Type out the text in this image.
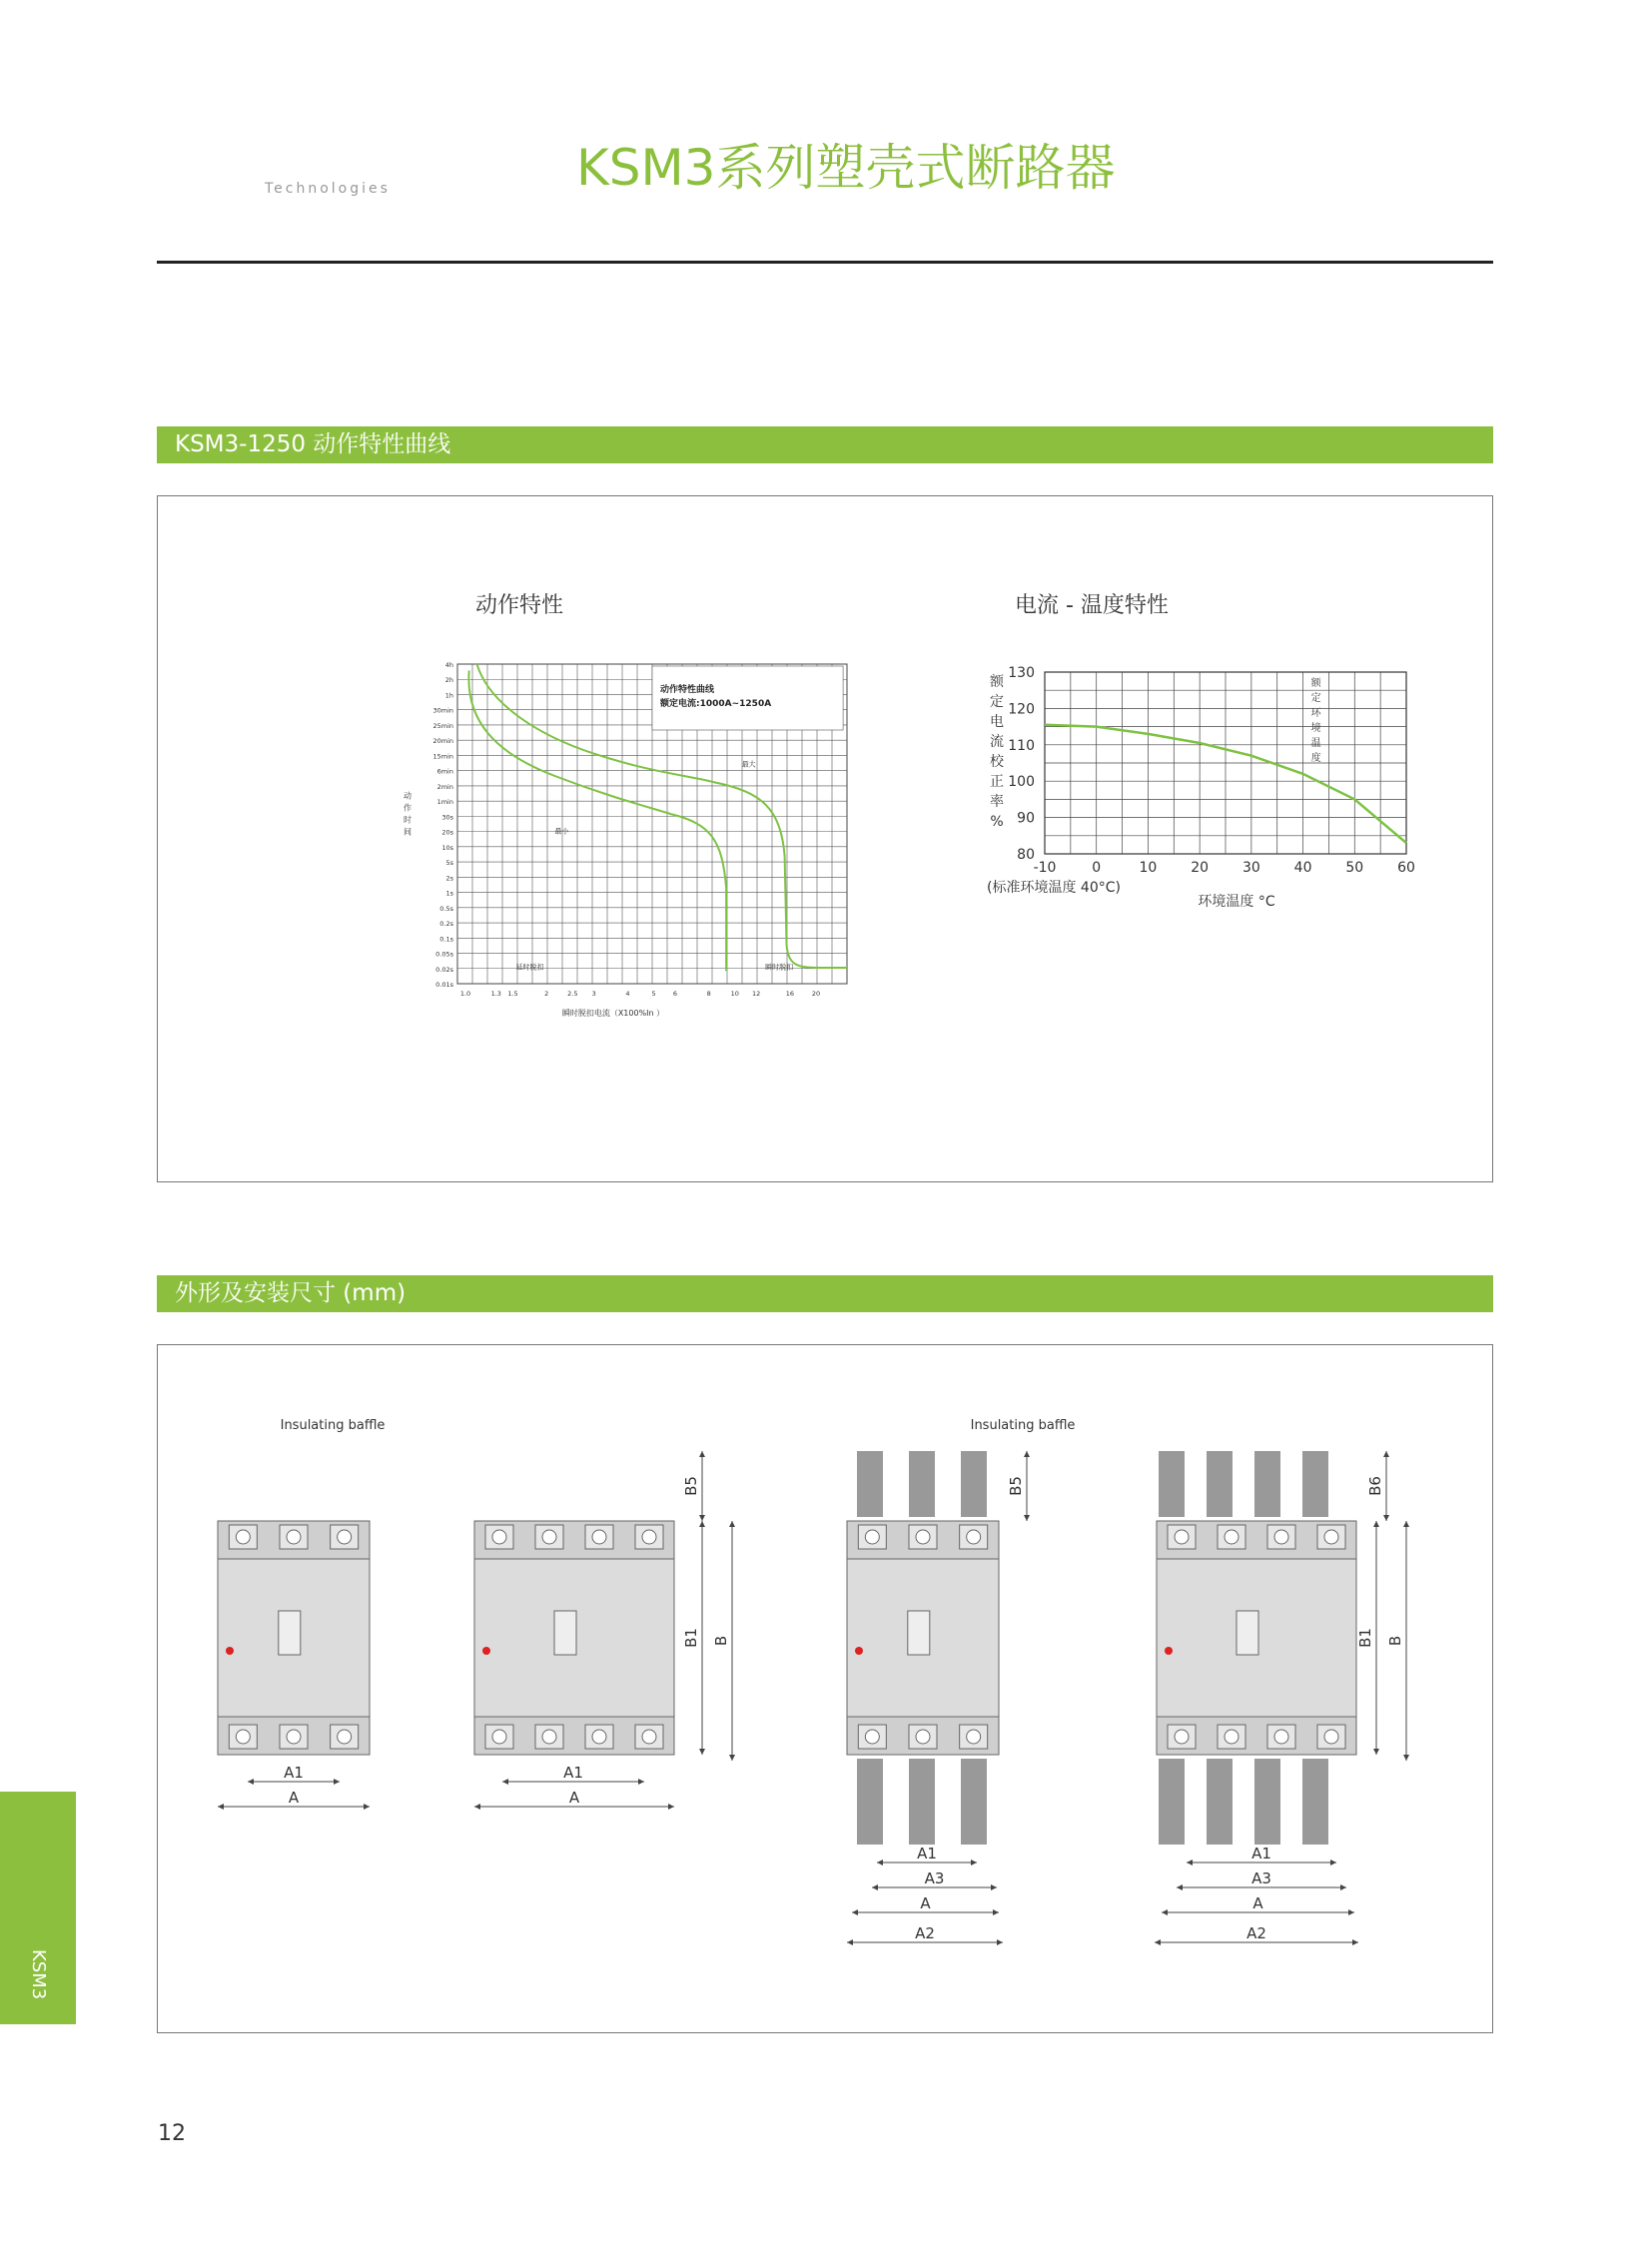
Technologies	KSM3系列塑壳式断路器
KSM3-1250 动作特性曲线
动作特性	电流 - 温度特性
4h
2h
1h
30min
25min
20min
15min
6min
2min
1min
30s
20s
10s
5s
2s
1s
0.5s
0.2s
0.1s
0.05s
0.02s
0.01s
1.0	1.3 1.5	2	2.5 3	4	5	6	8	10 12	16	20
动作特性曲线
额定电流:1000A~1250A
动
作
时
间
瞬时脱扣电流（X100%In ）
最大
最小
延时脱扣	瞬时脱扣
80
90
100
110
120
130
-10	0	10 20 30 40 50 60
额
定
电
流
校
正
率
%
额
定
环
境
温
度
(标准环境温度 40°C)
环境温度 °C
外形及安装尺寸 (mm)
Insulating baffle
A1
A
A1
A
B5
B1 B
Insulating baffle
B5
A1
A3
A
A2
B6
B1 B
A1
A3
A
A2
KSM3
12
